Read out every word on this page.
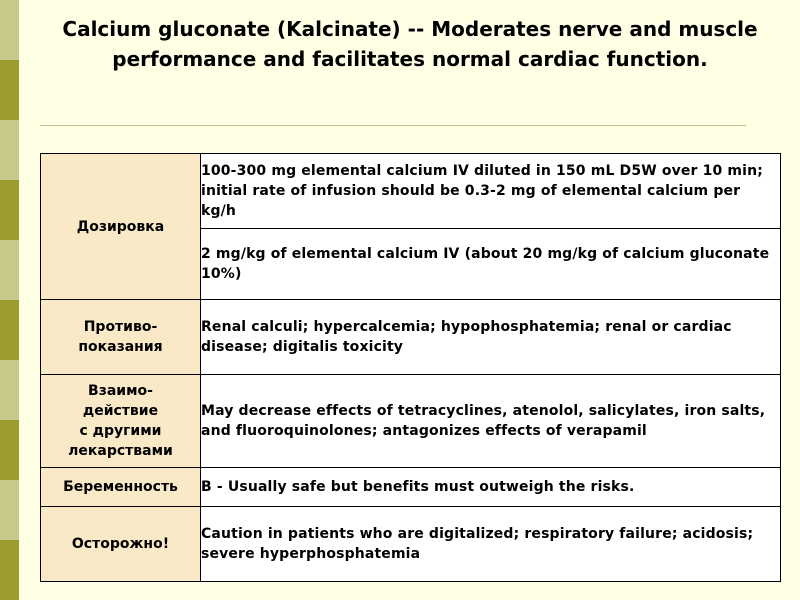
Calcium gluconate (Kalcinate) -- Moderates nerve and muscle performance and facilitates normal cardiac function.
Дозировка	100-300 mg elemental calcium IV diluted in 150 mL D5W over 10 min; initial rate of infusion should be 0.3-2 mg of elemental calcium per kg/h
	2 mg/kg of elemental calcium IV (about 20 mg/kg of calcium gluconate 10%)
Противо-
показания	Renal calculi; hypercalcemia; hypophosphatemia; renal or cardiac disease; digitalis toxicity
Взаимо-
действие
с другими
лекарствами	May decrease effects of tetracyclines, atenolol, salicylates, iron salts, and fluoroquinolones; antagonizes effects of verapamil
Беременность	B - Usually safe but benefits must outweigh the risks.
Осторожно!	Caution in patients who are digitalized; respiratory failure; acidosis; severe hyperphosphatemia
